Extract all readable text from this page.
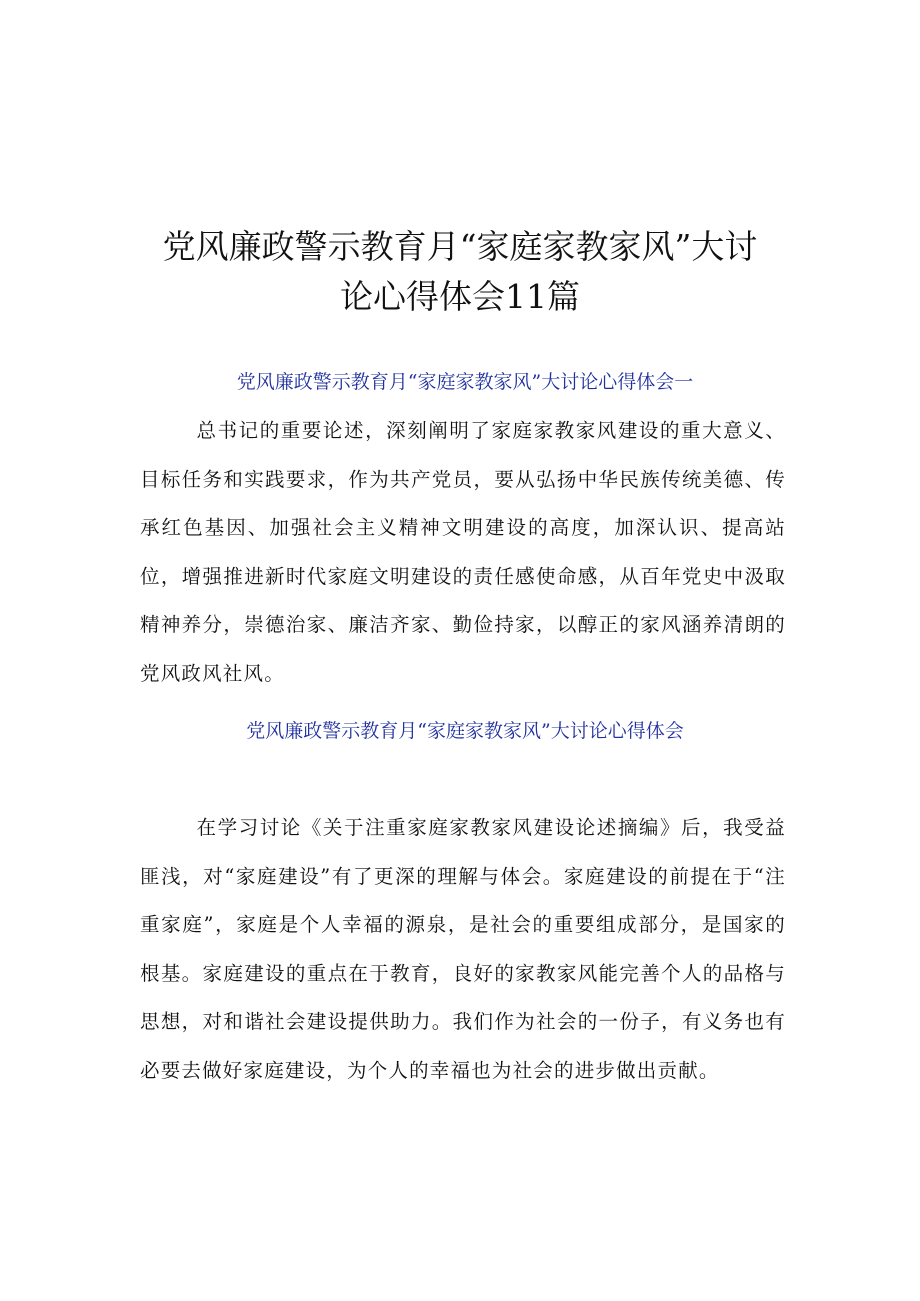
党风廉政警示教育月“家庭家教家风”大讨
论心得体会11篇
党风廉政警示教育月“家庭家教家风”大讨论心得体会一

总书记的重要论述，深刻阐明了家庭家教家风建设的重大意义、目标任务和实践要求，作为共产党员，要从弘扬中华民族传统美德、传承红色基因、加强社会主义精神文明建设的高度，加深认识、提高站位，增强推进新时代家庭文明建设的责任感使命感，从百年党史中汲取精神养分，崇德治家、廉洁齐家、勤俭持家，以醇正的家风涵养清朗的党风政风社风。

党风廉政警示教育月“家庭家教家风”大讨论心得体会

在学习讨论《关于注重家庭家教家风建设论述摘编》后，我受益匪浅，对“家庭建设”有了更深的理解与体会。家庭建设的前提在于“注重家庭”，家庭是个人幸福的源泉，是社会的重要组成部分，是国家的根基。家庭建设的重点在于教育，良好的家教家风能完善个人的品格与思想，对和谐社会建设提供助力。我们作为社会的一份子，有义务也有必要去做好家庭建设，为个人的幸福也为社会的进步做出贡献。
